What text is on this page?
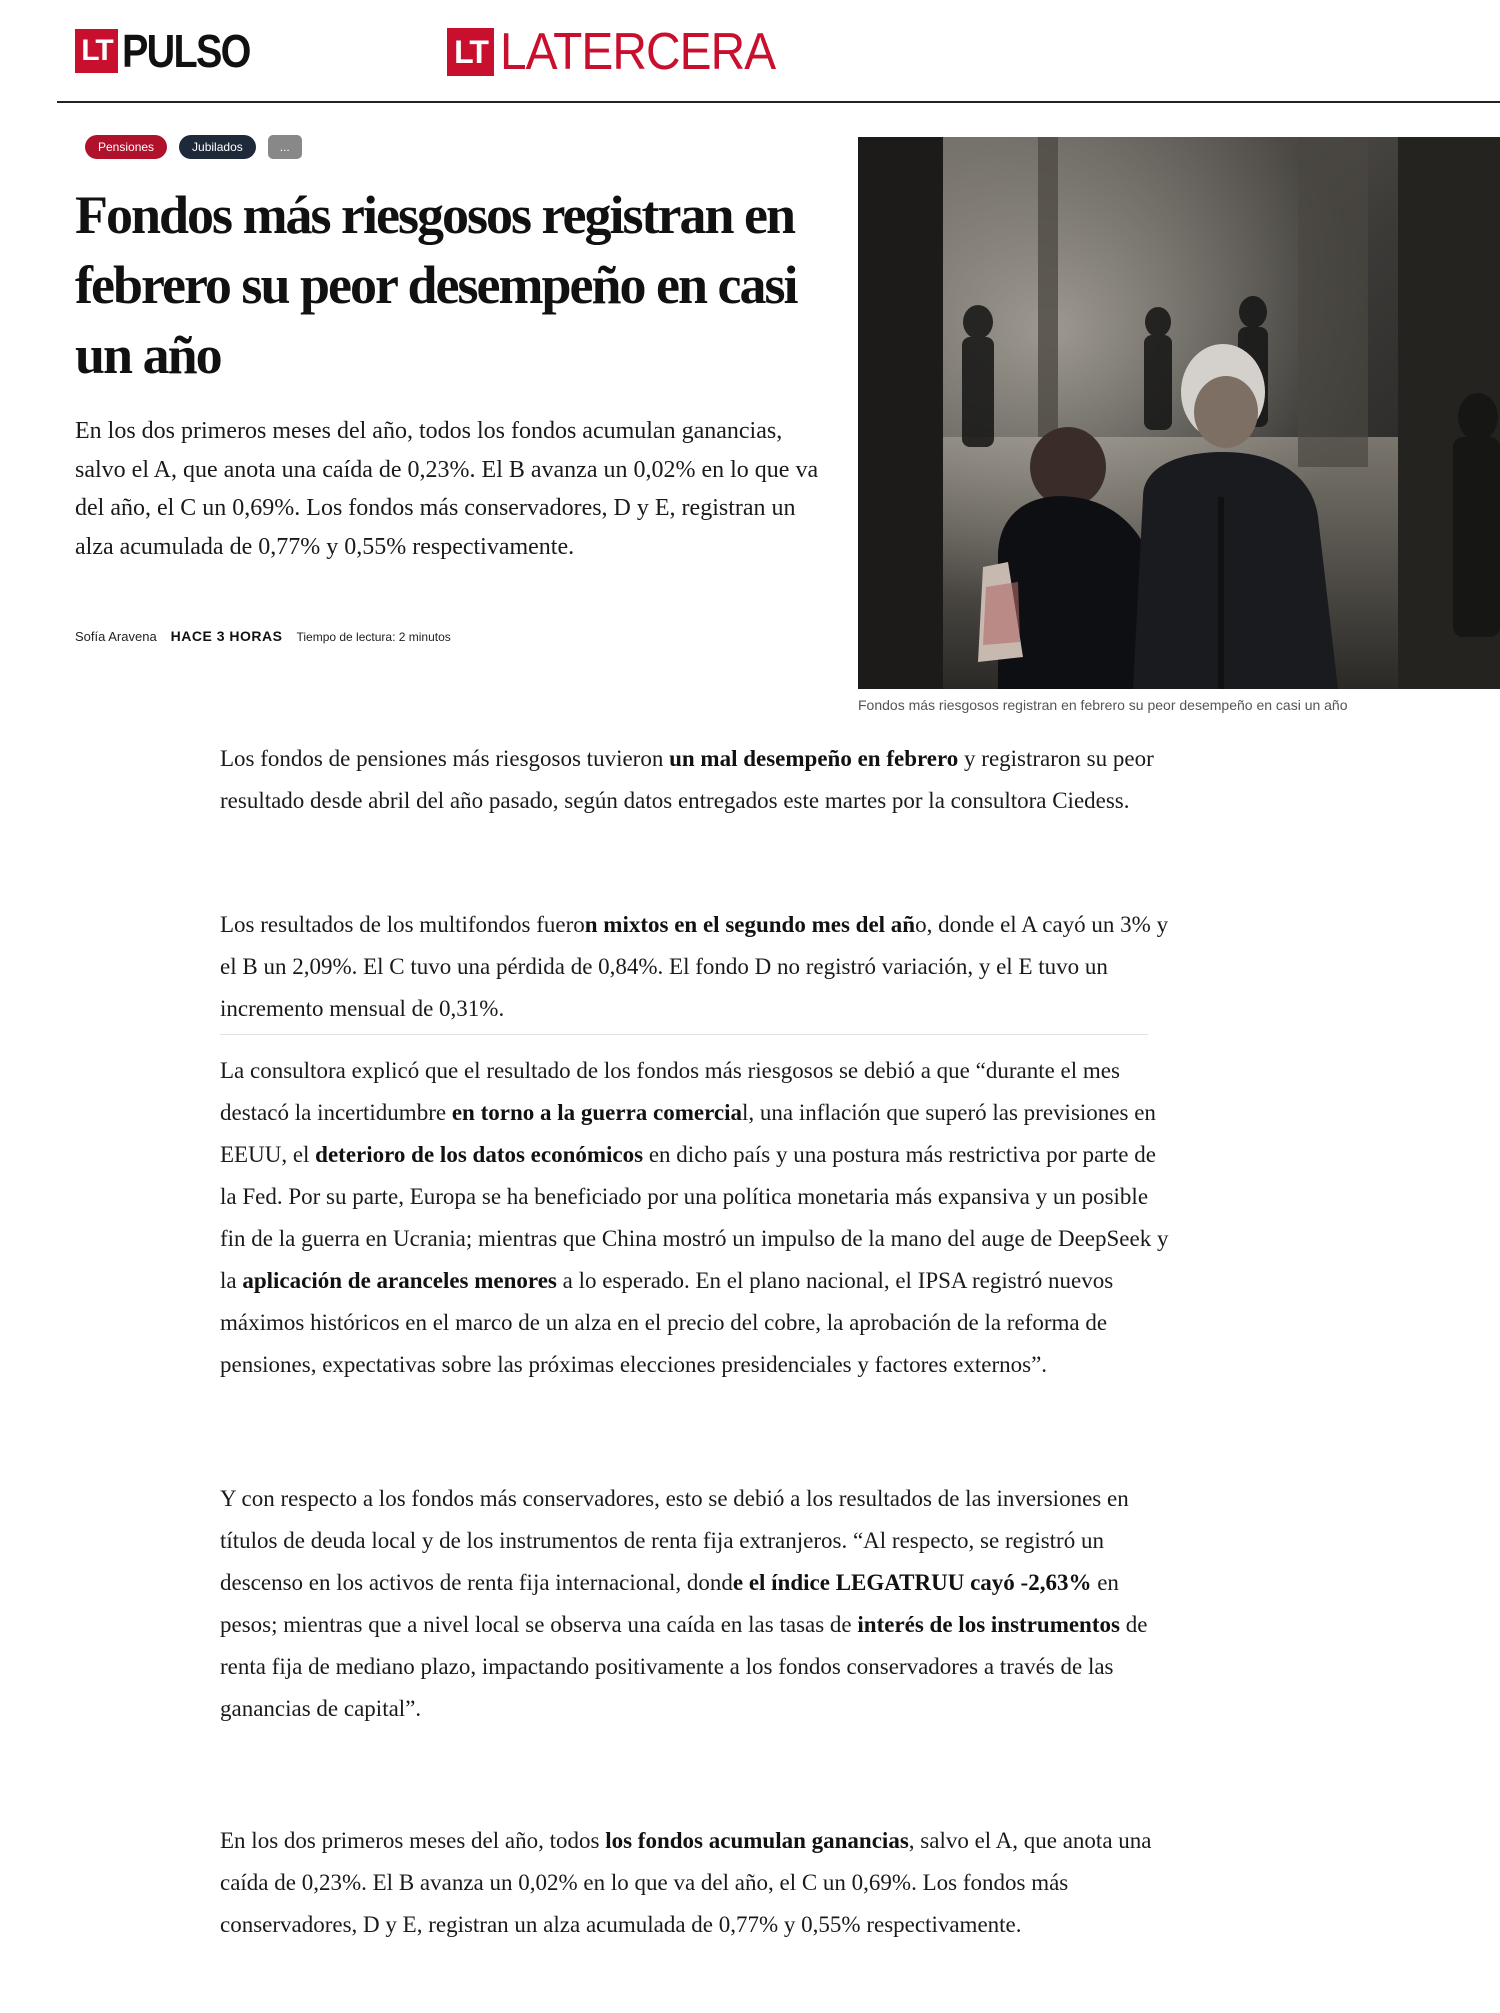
LT PULSO	LT LATERCERA
Pensiones	Jubilados	...
Fondos más riesgosos registran en febrero su peor desempeño en casi un año

En los dos primeros meses del año, todos los fondos acumulan ganancias, salvo el A, que anota una caída de 0,23%. El B avanza un 0,02% en lo que va del año, el C un 0,69%. Los fondos más conservadores, D y E, registran un alza acumulada de 0,77% y 0,55% respectivamente.

Sofía Aravena HACE 3 HORAS Tiempo de lectura: 2 minutos
Fondos más riesgosos registran en febrero su peor desempeño en casi un año

Los fondos de pensiones más riesgosos tuvieron un mal desempeño en febrero y registraron su peor resultado desde abril del año pasado, según datos entregados este martes por la consultora Ciedess.

Los resultados de los multifondos fueron mixtos en el segundo mes del año, donde el A cayó un 3% y el B un 2,09%. El C tuvo una pérdida de 0,84%. El fondo D no registró variación, y el E tuvo un incremento mensual de 0,31%.

La consultora explicó que el resultado de los fondos más riesgosos se debió a que “durante el mes destacó la incertidumbre en torno a la guerra comercial, una inflación que superó las previsiones en EEUU, el deterioro de los datos económicos en dicho país y una postura más restrictiva por parte de la Fed. Por su parte, Europa se ha beneficiado por una política monetaria más expansiva y un posible fin de la guerra en Ucrania; mientras que China mostró un impulso de la mano del auge de DeepSeek y la aplicación de aranceles menores a lo esperado. En el plano nacional, el IPSA registró nuevos máximos históricos en el marco de un alza en el precio del cobre, la aprobación de la reforma de pensiones, expectativas sobre las próximas elecciones presidenciales y factores externos”.

Y con respecto a los fondos más conservadores, esto se debió a los resultados de las inversiones en títulos de deuda local y de los instrumentos de renta fija extranjeros. “Al respecto, se registró un descenso en los activos de renta fija internacional, donde el índice LEGATRUU cayó -2,63% en pesos; mientras que a nivel local se observa una caída en las tasas de interés de los instrumentos de renta fija de mediano plazo, impactando positivamente a los fondos conservadores a través de las ganancias de capital”.

En los dos primeros meses del año, todos los fondos acumulan ganancias, salvo el A, que anota una caída de 0,23%. El B avanza un 0,02% en lo que va del año, el C un 0,69%. Los fondos más conservadores, D y E, registran un alza acumulada de 0,77% y 0,55% respectivamente.
